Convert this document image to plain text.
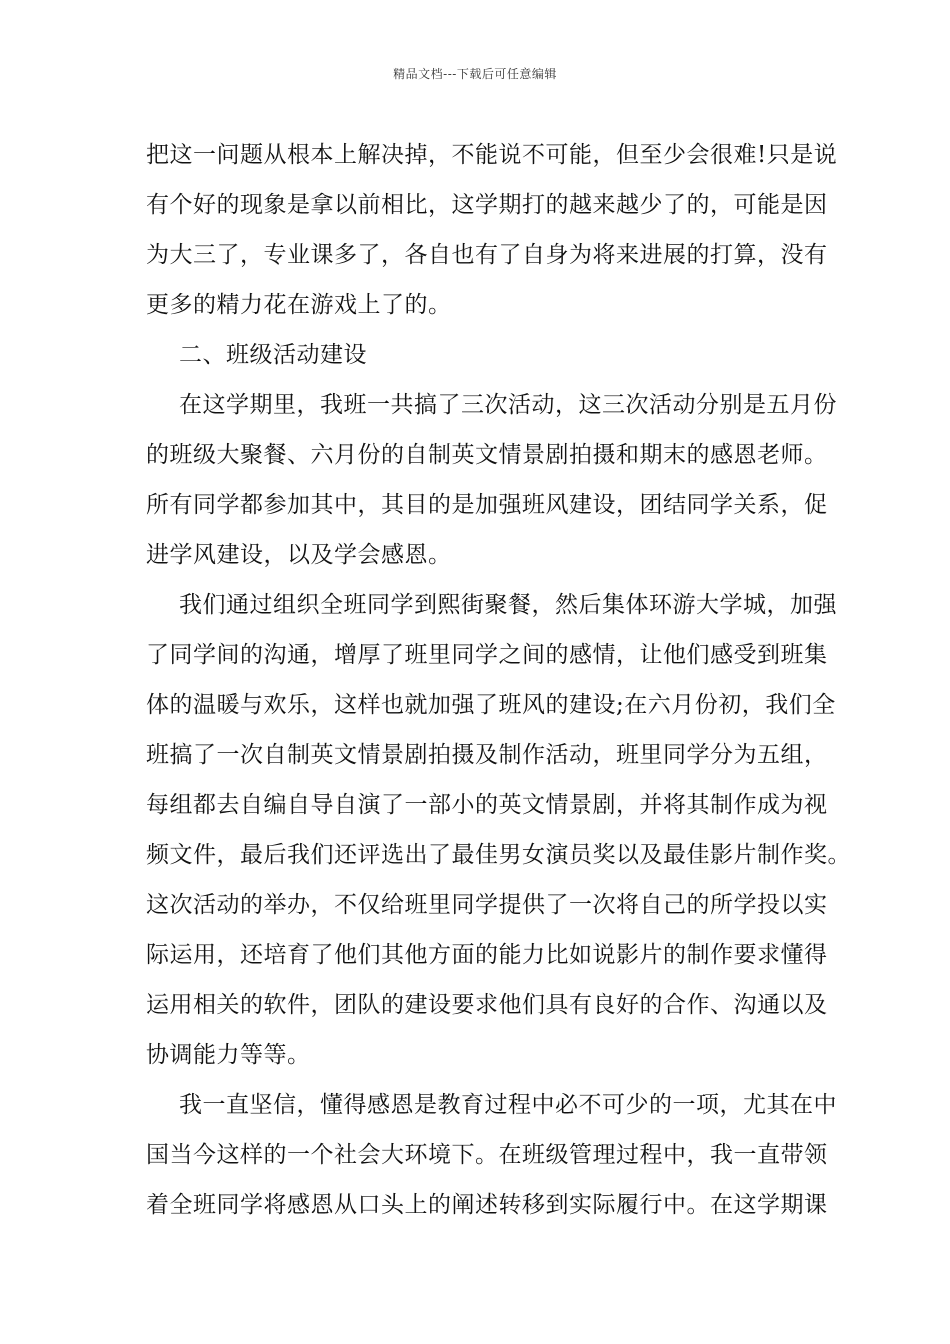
精品文档---下载后可任意编辑
把这一问题从根本上解决掉，不能说不可能，但至少会很难!只是说
有个好的现象是拿以前相比，这学期打的越来越少了的，可能是因
为大三了，专业课多了，各自也有了自身为将来进展的打算，没有
更多的精力花在游戏上了的。
二、班级活动建设
在这学期里，我班一共搞了三次活动，这三次活动分别是五月份
的班级大聚餐、六月份的自制英文情景剧拍摄和期末的感恩老师。
所有同学都参加其中，其目的是加强班风建设，团结同学关系，促
进学风建设，以及学会感恩。
我们通过组织全班同学到熙街聚餐，然后集体环游大学城，加强
了同学间的沟通，增厚了班里同学之间的感情，让他们感受到班集
体的温暖与欢乐，这样也就加强了班风的建设;在六月份初，我们全
班搞了一次自制英文情景剧拍摄及制作活动，班里同学分为五组，
每组都去自编自导自演了一部小的英文情景剧，并将其制作成为视
频文件，最后我们还评选出了最佳男女演员奖以及最佳影片制作奖。
这次活动的举办，不仅给班里同学提供了一次将自己的所学投以实
际运用，还培育了他们其他方面的能力比如说影片的制作要求懂得
运用相关的软件，团队的建设要求他们具有良好的合作、沟通以及
协调能力等等。
我一直坚信，懂得感恩是教育过程中必不可少的一项，尤其在中
国当今这样的一个社会大环境下。在班级管理过程中，我一直带领
着全班同学将感恩从口头上的阐述转移到实际履行中。在这学期课
